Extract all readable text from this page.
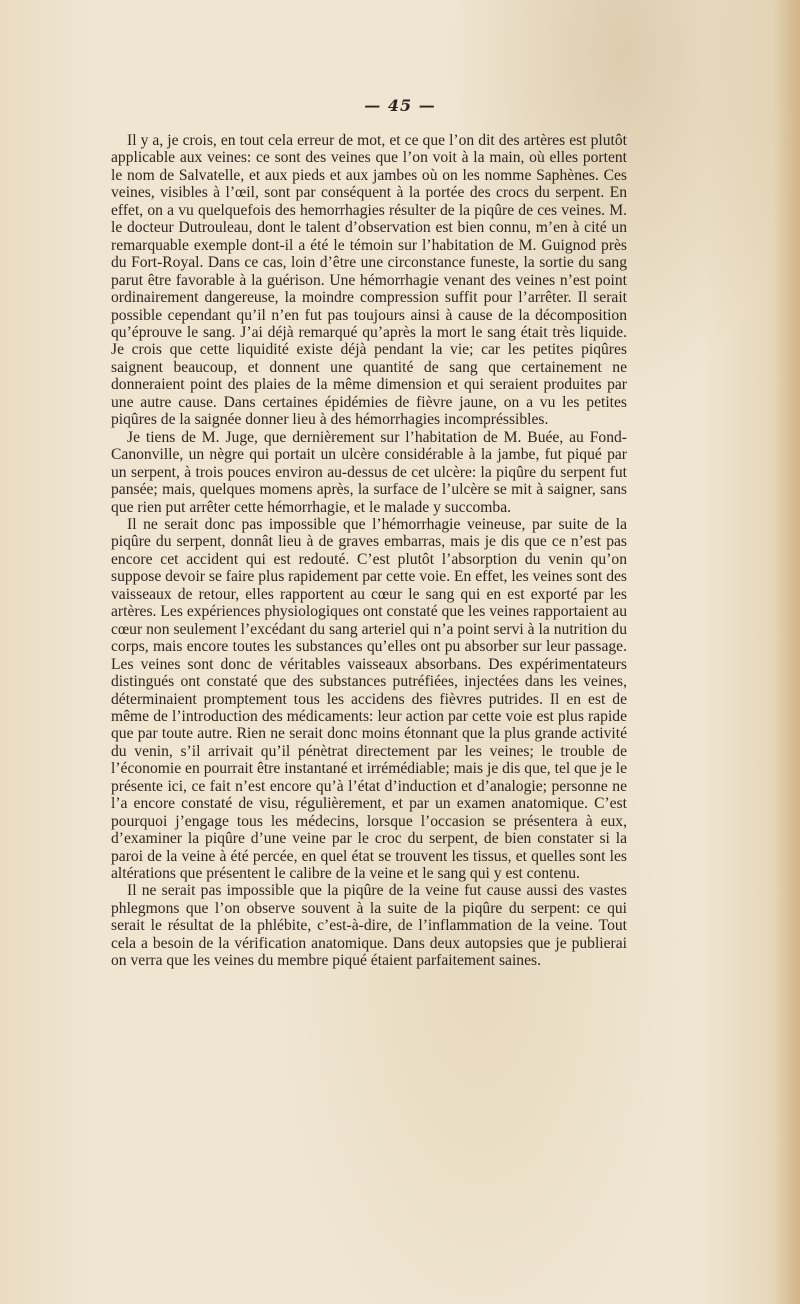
— 45 —

Il y a, je crois, en tout cela erreur de mot, et ce que l’on dit des artères est plutôt applicable aux veines: ce sont des veines que l’on voit à la main, où elles portent le nom de Salvatelle, et aux pieds et aux jambes où on les nomme Saphènes. Ces veines, visibles à l’œil, sont par conséquent à la portée des crocs du serpent. En effet, on a vu quelquefois des hemorrhagies résulter de la piqûre de ces veines. M. le docteur Dutrouleau, dont le talent d’observation est bien connu, m’en à cité un remarquable exemple dont-il a été le témoin sur l’habitation de M. Guignod près du Fort-Royal. Dans ce cas, loin d’être une circonstance funeste, la sortie du sang parut être favorable à la guérison. Une hémorrhagie venant des veines n’est point ordinairement dangereuse, la moindre compression suffit pour l’arrêter. Il serait possible cependant qu’il n’en fut pas toujours ainsi à cause de la décomposition qu’éprouve le sang. J’ai déjà remarqué qu’après la mort le sang était très liquide. Je crois que cette liquidité existe déjà pendant la vie; car les petites piqûres saignent beaucoup, et donnent une quantité de sang que certainement ne donneraient point des plaies de la même dimension et qui seraient produites par une autre cause. Dans certaines épidémies de fièvre jaune, on a vu les petites piqûres de la saignée donner lieu à des hémorrhagies incompréssibles.

Je tiens de M. Juge, que dernièrement sur l’habitation de M. Buée, au Fond-Canonville, un nègre qui portait un ulcère considérable à la jambe, fut piqué par un serpent, à trois pouces environ au-dessus de cet ulcère: la piqûre du serpent fut pansée; mais, quelques momens après, la surface de l’ulcère se mit à saigner, sans que rien put arrêter cette hémorrhagie, et le malade y succomba.

Il ne serait donc pas impossible que l’hémorrhagie veineuse, par suite de la piqûre du serpent, donnât lieu à de graves embarras, mais je dis que ce n’est pas encore cet accident qui est redouté. C’est plutôt l’absorption du venin qu’on suppose devoir se faire plus rapidement par cette voie. En effet, les veines sont des vaisseaux de retour, elles rapportent au cœur le sang qui en est exporté par les artères. Les expériences physiologiques ont constaté que les veines rapportaient au cœur non seulement l’excédant du sang arteriel qui n’a point servi à la nutrition du corps, mais encore toutes les substances qu’elles ont pu absorber sur leur passage. Les veines sont donc de véritables vaisseaux absorbans. Des expérimentateurs distingués ont constaté que des substances putréfiées, injectées dans les veines, déterminaient promptement tous les accidens des fièvres putrides. Il en est de même de l’introduction des médicaments: leur action par cette voie est plus rapide que par toute autre. Rien ne serait donc moins étonnant que la plus grande activité du venin, s’il arrivait qu’il pénètrat directement par les veines; le trouble de l’économie en pourrait être instantané et irrémédiable; mais je dis que, tel que je le présente ici, ce fait n’est encore qu’à l’état d’induction et d’analogie; personne ne l’a encore constaté de visu, régulièrement, et par un examen anatomique. C’est pourquoi j’engage tous les médecins, lorsque l’occasion se présentera à eux, d’examiner la piqûre d’une veine par le croc du serpent, de bien constater si la paroi de la veine à été percée, en quel état se trouvent les tissus, et quelles sont les altérations que présentent le calibre de la veine et le sang qui y est contenu.

Il ne serait pas impossible que la piqûre de la veine fut cause aussi des vastes phlegmons que l’on observe souvent à la suite de la piqûre du serpent: ce qui serait le résultat de la phlébite, c’est-à-dire, de l’inflammation de la veine. Tout cela a besoin de la vérification anatomique. Dans deux autopsies que je publierai on verra que les veines du membre piqué étaient parfaitement saines.
